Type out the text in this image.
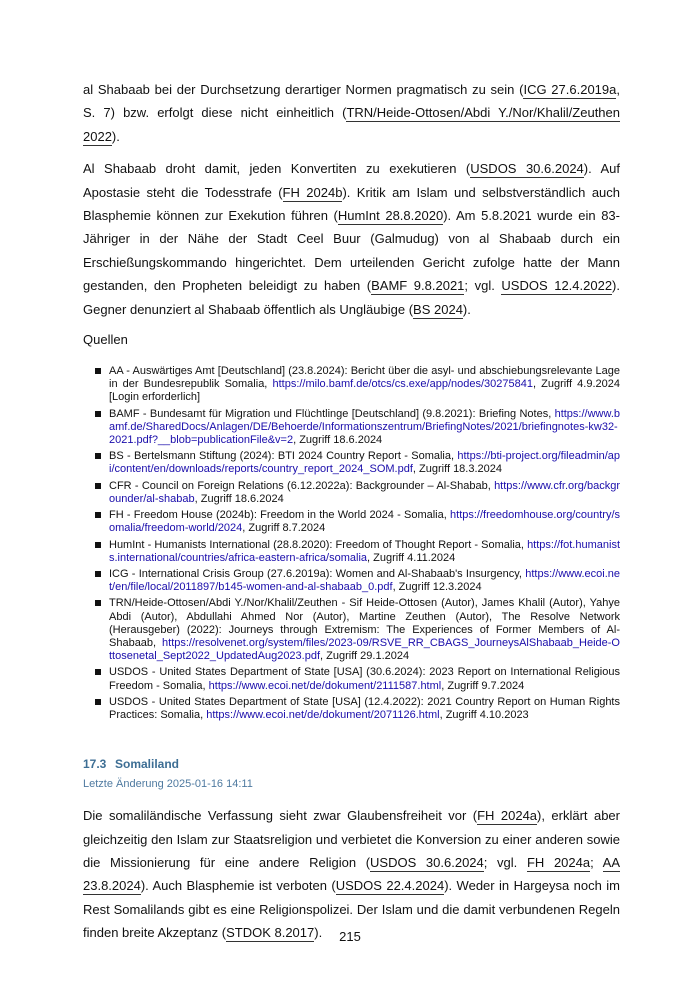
al Shabaab bei der Durchsetzung derartiger Normen pragmatisch zu sein (ICG 27.6.2019a, S. 7) bzw. erfolgt diese nicht einheitlich (TRN/Heide-Ottosen/Abdi Y./Nor/Khalil/Zeuthen 2022).

Al Shabaab droht damit, jeden Konvertiten zu exekutieren (USDOS 30.6.2024). Auf Apostasie steht die Todesstrafe (FH 2024b). Kritik am Islam und selbstverständlich auch Blasphemie können zur Exekution führen (HumInt 28.8.2020). Am 5.8.2021 wurde ein 83-Jähriger in der Nähe der Stadt Ceel Buur (Galmudug) von al Shabaab durch ein Erschießungskommando hingerichtet. Dem urteilenden Gericht zufolge hatte der Mann gestanden, den Propheten beleidigt zu haben (BAMF 9.8.2021; vgl. USDOS 12.4.2022). Gegner denunziert al Shabaab öffentlich als Ungläubige (BS 2024).

Quellen
AA - Auswärtiges Amt [Deutschland] (23.8.2024): Bericht über die asyl- und abschiebungsrelevante Lage in der Bundesrepublik Somalia, https://milo.bamf.de/otcs/cs.exe/app/nodes/30275841, Zugriff 4.9.2024 [Login erforderlich]
BAMF - Bundesamt für Migration und Flüchtlinge [Deutschland] (9.8.2021): Briefing Notes, https://www.bamf.de/SharedDocs/Anlagen/DE/Behoerde/Informationszentrum/BriefingNotes/2021/briefingnotes-kw32-2021.pdf?__blob=publicationFile&v=2, Zugriff 18.6.2024
BS - Bertelsmann Stiftung (2024): BTI 2024 Country Report - Somalia, https://bti-project.org/fileadmin/api/content/en/downloads/reports/country_report_2024_SOM.pdf, Zugriff 18.3.2024
CFR - Council on Foreign Relations (6.12.2022a): Backgrounder – Al-Shabab, https://www.cfr.org/backgrounder/al-shabab, Zugriff 18.6.2024
FH - Freedom House (2024b): Freedom in the World 2024 - Somalia, https://freedomhouse.org/country/somalia/freedom-world/2024, Zugriff 8.7.2024
HumInt - Humanists International (28.8.2020): Freedom of Thought Report - Somalia, https://fot.humanists.international/countries/africa-eastern-africa/somalia, Zugriff 4.11.2024
ICG - International Crisis Group (27.6.2019a): Women and Al-Shabaab's Insurgency, https://www.ecoi.net/en/file/local/2011897/b145-women-and-al-shabaab_0.pdf, Zugriff 12.3.2024
TRN/Heide-Ottosen/Abdi Y./Nor/Khalil/Zeuthen - Sif Heide-Ottosen (Autor), James Khalil (Autor), Yahye Abdi (Autor), Abdullahi Ahmed Nor (Autor), Martine Zeuthen (Autor), The Resolve Network (Herausgeber) (2022): Journeys through Extremism: The Experiences of Former Members of Al-Shabaab, https://resolvenet.org/system/files/2023-09/RSVE_RR_CBAGS_JourneysAlShabaab_Heide-Ottosenetal_Sept2022_UpdatedAug2023.pdf, Zugriff 29.1.2024
USDOS - United States Department of State [USA] (30.6.2024): 2023 Report on International Religious Freedom - Somalia, https://www.ecoi.net/de/dokument/2111587.html, Zugriff 9.7.2024
USDOS - United States Department of State [USA] (12.4.2022): 2021 Country Report on Human Rights Practices: Somalia, https://www.ecoi.net/de/dokument/2071126.html, Zugriff 4.10.2023
17.3 Somaliland
Letzte Änderung 2025-01-16 14:11

Die somaliländische Verfassung sieht zwar Glaubensfreiheit vor (FH 2024a), erklärt aber gleichzeitig den Islam zur Staatsreligion und verbietet die Konversion zu einer anderen sowie die Missionierung für eine andere Religion (USDOS 30.6.2024; vgl. FH 2024a; AA 23.8.2024). Auch Blasphemie ist verboten (USDOS 22.4.2024). Weder in Hargeysa noch im Rest Somalilands gibt es eine Religionspolizei. Der Islam und die damit verbundenen Regeln finden breite Akzeptanz (STDOK 8.2017).	215
